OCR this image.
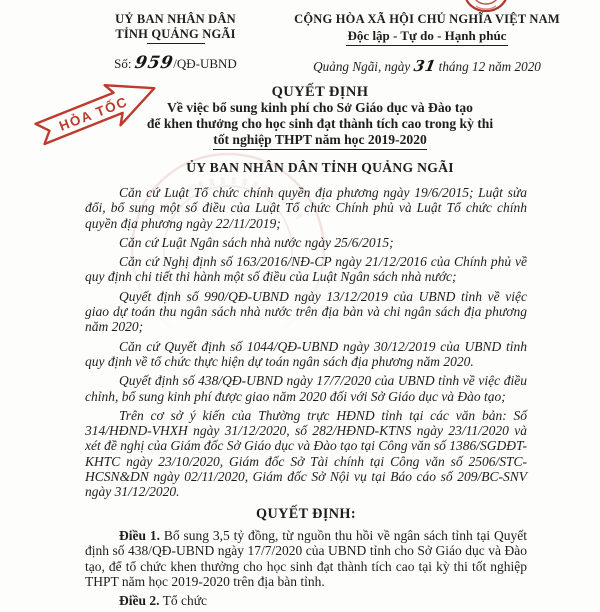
UỶ BAN NHÂN DÂN
TỈNH QUẢNG NGÃI
Số: 959/QĐ-UBND
CỘNG HÒA XÃ HỘI CHỦ NGHĨA VIỆT NAM
Độc lập - Tự do - Hạnh phúc
Quảng Ngãi, ngày 31 tháng 12 năm 2020
HỎA TỐC
QUYẾT ĐỊNH
Về việc bổ sung kinh phí cho Sở Giáo dục và Đào tạo
để khen thưởng cho học sinh đạt thành tích cao trong kỳ thi
tốt nghiệp THPT năm học 2019-2020
ỦY BAN NHÂN DÂN TỈNH QUẢNG NGÃI

Căn cứ Luật Tổ chức chính quyền địa phương ngày 19/6/2015; Luật sửa đổi, bổ sung một số điều của Luật Tổ chức Chính phủ và Luật Tổ chức chính quyền địa phương ngày 22/11/2019;

Căn cứ Luật Ngân sách nhà nước ngày 25/6/2015;

Căn cứ Nghị định số 163/2016/NĐ-CP ngày 21/12/2016 của Chính phủ về quy định chi tiết thi hành một số điều của Luật Ngân sách nhà nước;

Quyết định số 990/QĐ-UBND ngày 13/12/2019 của UBND tỉnh về việc giao dự toán thu ngân sách nhà nước trên địa bàn và chi ngân sách địa phương năm 2020;

Căn cứ Quyết định số 1044/QĐ-UBND ngày 30/12/2019 của UBND tỉnh quy định về tổ chức thực hiện dự toán ngân sách địa phương năm 2020.

Quyết định số 438/QĐ-UBND ngày 17/7/2020 của UBND tỉnh về việc điều chỉnh, bổ sung kinh phí được giao năm 2020 đối với Sở Giáo dục và Đào tạo;

Trên cơ sở ý kiến của Thường trực HĐND tỉnh tại các văn bản: Số 314/HĐND-VHXH ngày 31/12/2020, số 282/HĐND-KTNS ngày 23/11/2020 và xét đề nghị của Giám đốc Sở Giáo dục và Đào tạo tại Công văn số 1386/SGDĐT-KHTC ngày 23/10/2020, Giám đốc Sở Tài chính tại Công văn số 2506/STC-HCSN&DN ngày 02/11/2020, Giám đốc Sở Nội vụ tại Báo cáo số 209/BC-SNV ngày 31/12/2020.

QUYẾT ĐỊNH:

Điều 1. Bổ sung 3,5 tỷ đồng, từ nguồn thu hồi về ngân sách tỉnh tại Quyết định số 438/QĐ-UBND ngày 17/7/2020 của UBND tỉnh cho Sở Giáo dục và Đào tạo, để tổ chức khen thưởng cho học sinh đạt thành tích cao tại kỳ thi tốt nghiệp THPT năm học 2019-2020 trên địa bàn tỉnh.

Điều 2. Tổ chức
